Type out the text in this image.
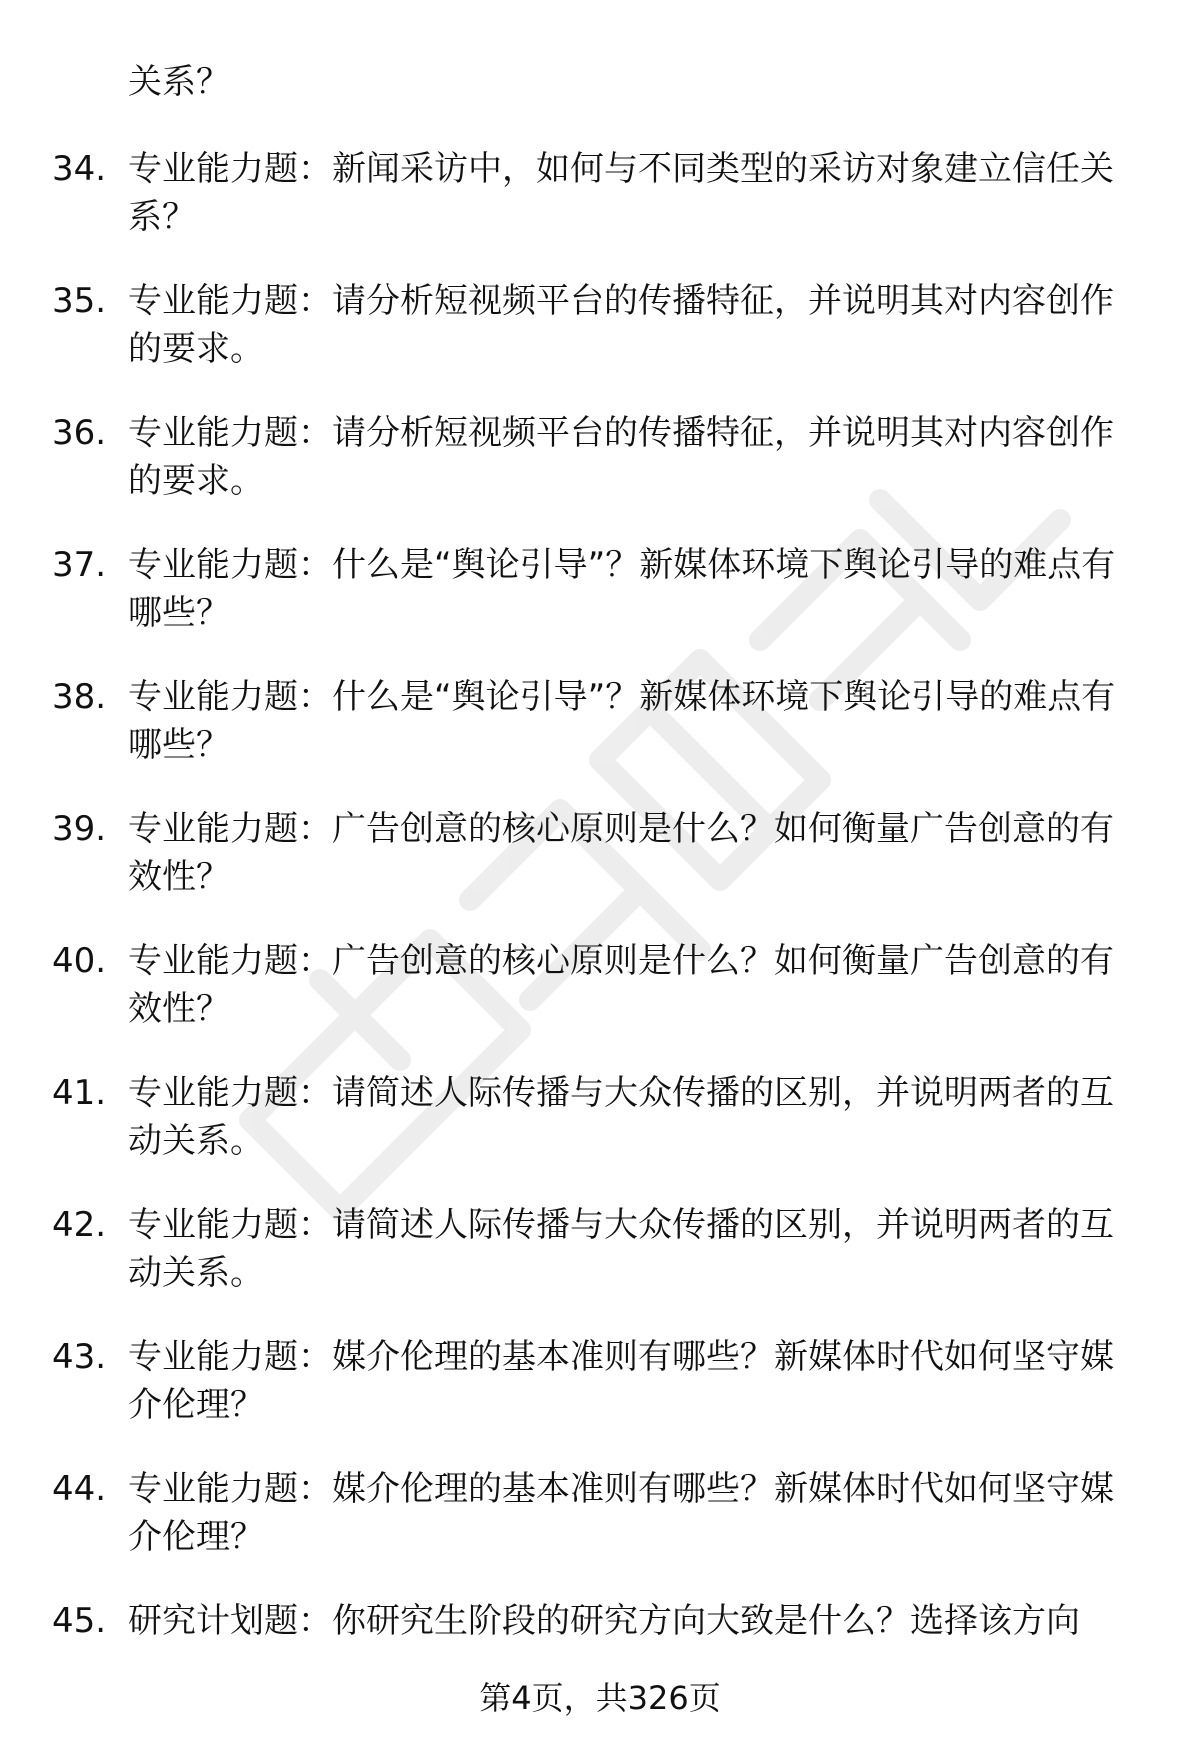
关系？
34. 专业能力题：新闻采访中，如何与不同类型的采访对象建立信任关系？
35. 专业能力题：请分析短视频平台的传播特征，并说明其对内容创作的要求。
36. 专业能力题：请分析短视频平台的传播特征，并说明其对内容创作的要求。
37. 专业能力题：什么是“舆论引导”？新媒体环境下舆论引导的难点有哪些？
38. 专业能力题：什么是“舆论引导”？新媒体环境下舆论引导的难点有哪些？
39. 专业能力题：广告创意的核心原则是什么？如何衡量广告创意的有效性？
40. 专业能力题：广告创意的核心原则是什么？如何衡量广告创意的有效性？
41. 专业能力题：请简述人际传播与大众传播的区别，并说明两者的互动关系。
42. 专业能力题：请简述人际传播与大众传播的区别，并说明两者的互动关系。
43. 专业能力题：媒介伦理的基本准则有哪些？新媒体时代如何坚守媒介伦理？
44. 专业能力题：媒介伦理的基本准则有哪些？新媒体时代如何坚守媒介伦理？
45. 研究计划题：你研究生阶段的研究方向大致是什么？选择该方向
第4页，共326页
